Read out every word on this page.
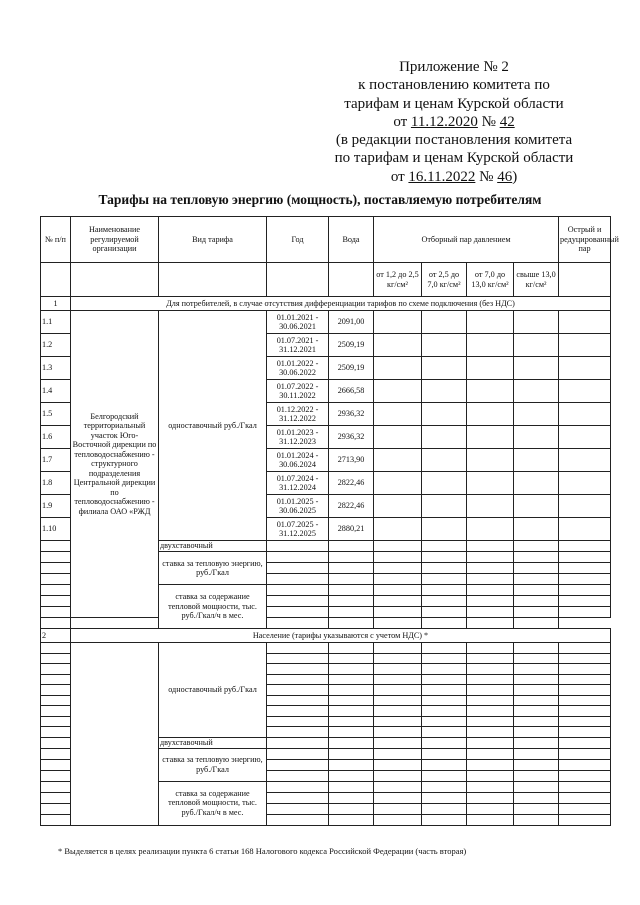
Приложение № 2
к постановлению комитета по
тарифам и ценам Курской области
от 11.12.2020 № 42
(в редакции постановления комитета
по тарифам и ценам Курской области
от 16.11.2022 № 46)
Тарифы на тепловую энергию (мощность), поставляемую потребителям
№ п/п	Наименование регулируемой организации	Вид тарифа	Год	Вода	Отборный пар давлением				Острый и редуцированный пар
					от 1,2 до 2,5 кг/см²	от 2,5 до 7,0 кг/см²	от 7,0 до 13,0 кг/см²	свыше 13,0 кг/см²	
1	Для потребителей, в случае отсутствия дифференциации тарифов по схеме подключения (без НДС)								
1.1	Белгородский территориальный участок Юго-Восточной дирекции по тепловодоснабжению - структурного подразделения Центральной дирекции по тепловодоснабжению - филиала ОАО «РЖД	одноставочный руб./Гкал	01.01.2021 - 30.06.2021	2091,00					
1.2			01.07.2021 - 31.12.2021	2509,19					
1.3			01.01.2022 - 30.06.2022	2509,19					
1.4			01.07.2022 - 30.11.2022	2666,58					
1.5			01.12.2022 - 31.12.2022	2936,32					
1.6			01.01.2023 - 31.12.2023	2936,32					
1.7			01.01.2024 - 30.06.2024	2713,90					
1.8			01.07.2024 - 31.12.2024	2822,46					
1.9			01.01.2025 - 30.06.2025	2822,46					
1.10			01.07.2025 - 31.12.2025	2880,21					
		двухставочный							
		ставка за тепловую энергию, руб./Гкал							

		ставка за содержание тепловой мощности, тыс. руб./Гкал/ч в мес.							

2	Население (тарифы указываются с учетом НДС) *								
		одноставочный руб./Гкал							

		двухставочный							
		ставка за тепловую энергию, руб./Гкал							

		ставка за содержание тепловой мощности, тыс. руб./Гкал/ч в мес.							

* Выделяется в целях реализации пункта 6 статьи 168 Налогового кодекса Российской Федерации (часть вторая)
